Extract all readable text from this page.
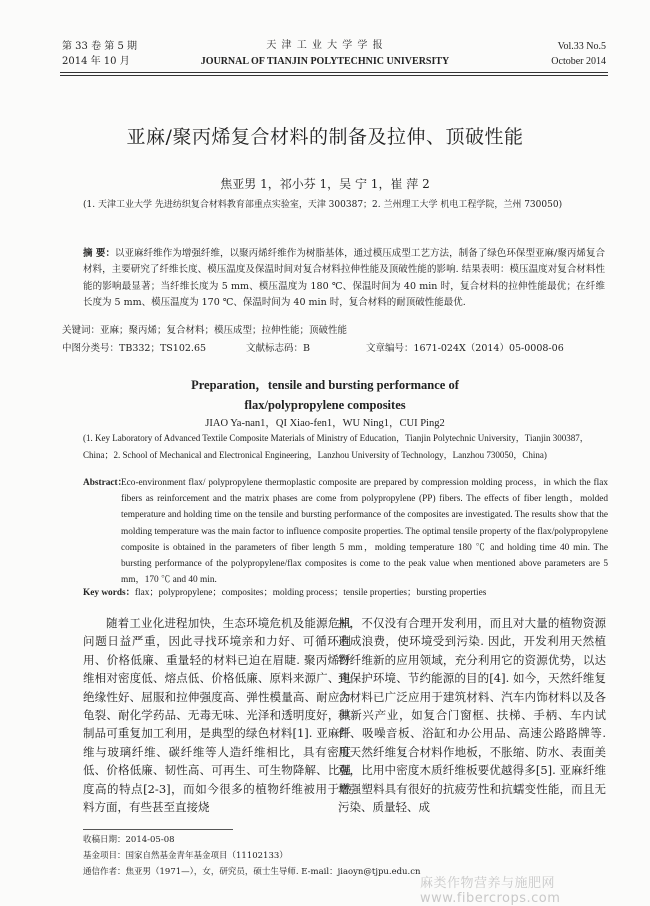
第 33 卷 第 5 期
2014 年 10 月
天 津 工 业 大 学 学 报
JOURNAL OF TIANJIN POLYTECHNIC UNIVERSITY
Vol.33 No.5
October 2014
亚麻/聚丙烯复合材料的制备及拉伸、顶破性能
焦亚男 1，祁小芬 1，吴 宁 1，崔 萍 2
(1. 天津工业大学 先进纺织复合材料教育部重点实验室，天津 300387；2. 兰州理工大学 机电工程学院，兰州 730050)
摘 要：以亚麻纤维作为增强纤维，以聚丙烯纤维作为树脂基体，通过模压成型工艺方法，制备了绿色环保型亚麻/聚丙烯复合材料，主要研究了纤维长度、模压温度及保温时间对复合材料拉伸性能及顶破性能的影响. 结果表明：模压温度对复合材料性能的影响最显著；当纤维长度为 5 mm、模压温度为 180 ℃、保温时间为 40 min 时，复合材料的拉伸性能最优；在纤维长度为 5 mm、模压温度为 170 ℃、保温时间为 40 min 时，复合材料的耐顶破性能最优.
关键词：亚麻；聚丙烯；复合材料；模压成型；拉伸性能；顶破性能
中图分类号：TB332；TS102.65	文献标志码：B	文章编号：1671-024X（2014）05-0008-06
Preparation，tensile and bursting performance of
flax/polypropylene composites
JIAO Ya-nan1，QI Xiao-fen1，WU Ning1，CUI Ping2
(1. Key Laboratory of Advanced Textile Composite Materials of Ministry of Education，Tianjin Polytechnic University，Tianjin 300387，China；2. School of Mechanical and Electronical Engineering，Lanzhou University of Technology，Lanzhou 730050，China)
Abstract：
Eco-environment flax/ polypropylene thermoplastic composite are prepared by compression molding process，in which the flax fibers as reinforcement and the matrix phases are come from polypropylene (PP) fibers. The effects of fiber length，molded temperature and holding time on the tensile and bursting performance of the composites are investigated. The results show that the molding temperature was the main factor to influence composite properties. The optimal tensile property of the flax/polypropylene composite is obtained in the parameters of fiber length 5 mm，molding temperature 180 ℃ and holding time 40 min. The bursting performance of the polypropylene/flax composites is come to the peak value when mentioned above parameters are 5 mm，170 ℃ and 40 min.
Key words：flax；polypropylene；composites；molding process；tensile properties；bursting properties
随着工业化进程加快，生态环境危机及能源危机问题日益严重，因此寻找环境亲和力好、可循环利用、价格低廉、重量轻的材料已迫在眉睫. 聚丙烯纤维相对密度低、熔点低、价格低廉、原料来源广、电绝缘性好、屈服和拉伸强度高、弹性模量高、耐应力龟裂、耐化学药品、无毒无味、光泽和透明度好，其制品可重复加工利用，是典型的绿色材料[1]. 亚麻纤维与玻璃纤维、碳纤维等人造纤维相比，具有密度低、价格低廉、韧性高、可再生、可生物降解、比强度高的特点[2-3]，而如今很多的植物纤维被用于燃料方面，有些甚至直接烧
掉，不仅没有合理开发利用，而且对大量的植物资源造成浪费，使环境受到污染. 因此，开发利用天然植物纤维新的应用领域，充分利用它的资源优势，以达到保护环境、节约能源的目的[4]. 如今，天然纤维复合材料已广泛应用于建筑材料、汽车内饰材料以及各种新兴产业，如复合门窗框、扶梯、手柄、车内试件、吸噪音板、浴缸和办公用品、高速公路路牌等. 用天然纤维复合材料作地板，不胀缩、防水、表面美观，比用中密度木质纤维板要优越得多[5]. 亚麻纤维增强塑料具有很好的抗疲劳性和抗蠕变性能，而且无污染、质量轻、成
收稿日期：2014-05-08
基金项目：国家自然基金青年基金项目（11102133）
通信作者：焦亚男（1971—），女，研究员，硕士生导师. E-mail：jiaoyn@tjpu.edu.cn
麻类作物营养与施肥网 www.fibercrops.com
